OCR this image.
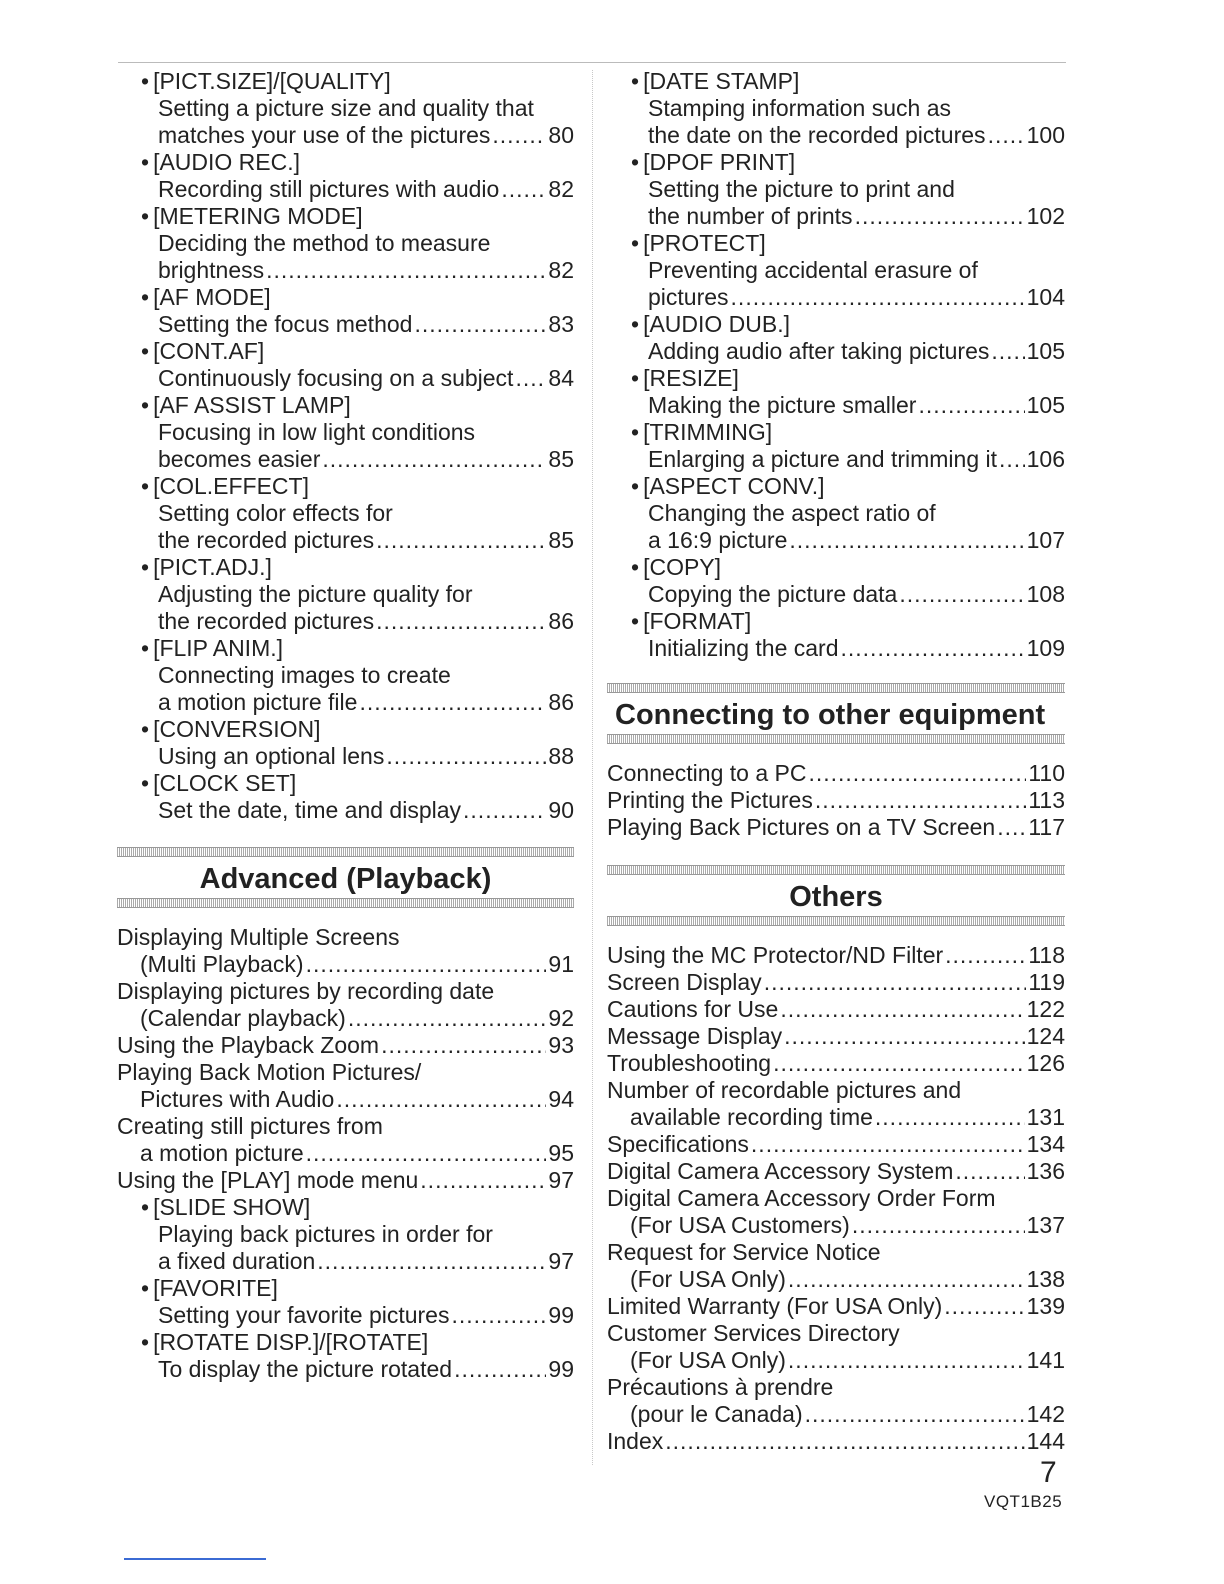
• [PICT.SIZE]/[QUALITY]
Setting a picture size and quality that
matches your use of the pictures .....	80
• [AUDIO REC.]
Recording still pictures with audio ..... 82
• [METERING MODE]
Deciding the method to measure
brightness .....	82
• [AF MODE]
Setting the focus method .....	83
• [CONT.AF]
Continuously focusing on a subject ..... 84
• [AF ASSIST LAMP]
Focusing in low light conditions
becomes easier .....	85
• [COL.EFFECT]
Setting color effects for
the recorded pictures .....	85
• [PICT.ADJ.]
Adjusting the picture quality for
the recorded pictures .....	86
• [FLIP ANIM.]
Connecting images to create
a motion picture file .....	86
• [CONVERSION]
Using an optional lens .....	88
• [CLOCK SET]
Set the date, time and display .....	90
Advanced (Playback)
Displaying Multiple Screens
(Multi Playback) .....	91
Displaying pictures by recording date
(Calendar playback) .....	92
Using the Playback Zoom .....	93
Playing Back Motion Pictures/
Pictures with Audio .....	94
Creating still pictures from
a motion picture .....	95
Using the [PLAY] mode menu .....	97
• [SLIDE SHOW]
Playing back pictures in order for
a fixed duration .....	97
• [FAVORITE]
Setting your favorite pictures .....	99
• [ROTATE DISP.]/[ROTATE]
To display the picture rotated .....	99
• [DATE STAMP]
Stamping information such as
the date on the recorded pictures ..... 100
• [DPOF PRINT]
Setting the picture to print and
the number of prints .....	102
• [PROTECT]
Preventing accidental erasure of
pictures .....	104
• [AUDIO DUB.]
Adding audio after taking pictures ..... 105
• [RESIZE]
Making the picture smaller .....	105
• [TRIMMING]
Enlarging a picture and trimming it ..... 106
• [ASPECT CONV.]
Changing the aspect ratio of
a 16:9 picture .....	107
• [COPY]
Copying the picture data .....	108
• [FORMAT]
Initializing the card .....	109
Connecting to other equipment
Connecting to a PC .....	110
Printing the Pictures .....	113
Playing Back Pictures on a TV Screen ..... 117
Others
Using the MC Protector/ND Filter .....	118
Screen Display .....	119
Cautions for Use .....	122
Message Display .....	124
Troubleshooting .....	126
Number of recordable pictures and
available recording time .....	131
Specifications .....	134
Digital Camera Accessory System .....	136
Digital Camera Accessory Order Form
(For USA Customers) .....	137
Request for Service Notice
(For USA Only) .....	138
Limited Warranty (For USA Only) .....	139
Customer Services Directory
(For USA Only) .....	141
Précautions à prendre
(pour le Canada) .....	142
Index .....	144
7
VQT1B25
